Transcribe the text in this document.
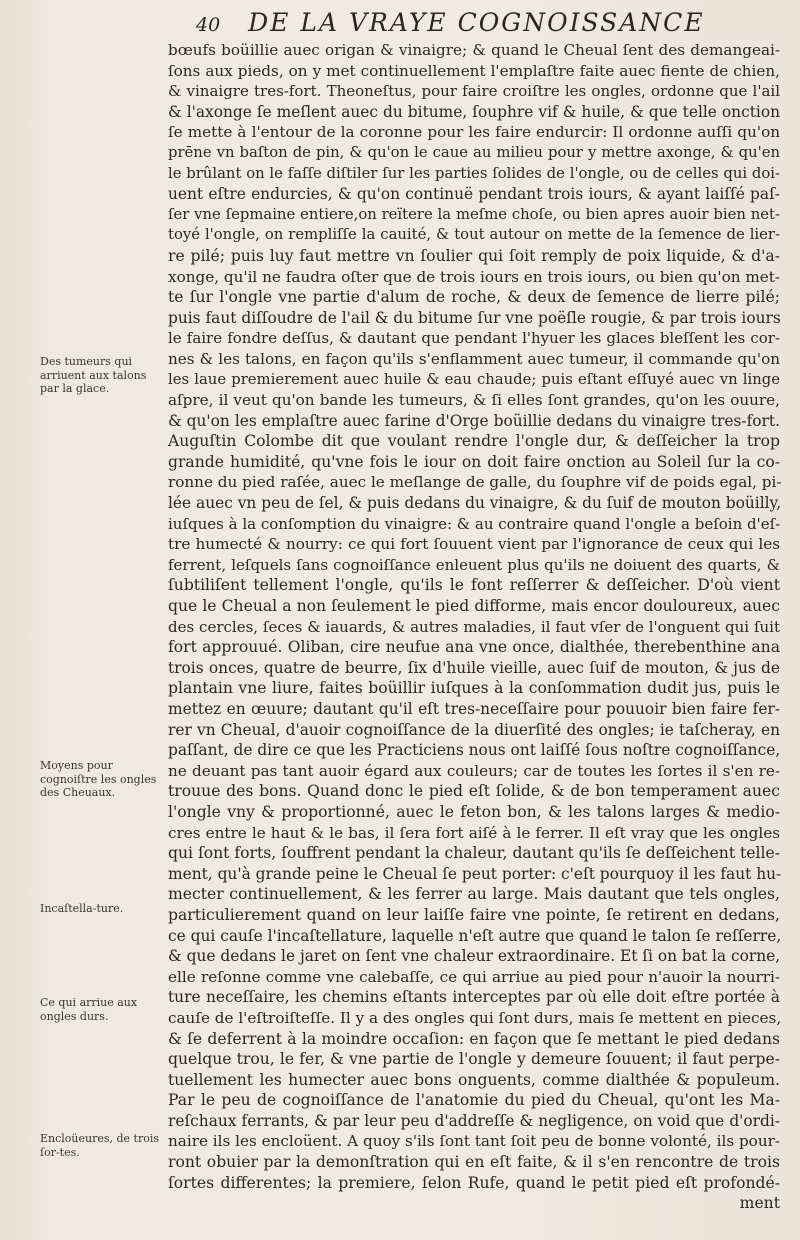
40 DE LA VRAYE COGNOISSANCE
bœufs boüillie auec origan & vinaigre; & quand le Cheual ſent des demangeai-
ſons aux pieds, on y met continuellement l'emplaſtre faite auec fiente de chien,
& vinaigre tres-fort. Theoneſtus, pour faire croiſtre les ongles, ordonne que l'ail
& l'axonge ſe meſlent auec du bitume, ſouphre vif & huile, & que telle onction
ſe mette à l'entour de la coronne pour les faire endurcir: Il ordonne auſſi qu'on
prēne vn baſton de pin, & qu'on le caue au milieu pour y mettre axonge, & qu'en
le brûlant on le faſſe diſtiler ſur les parties ſolides de l'ongle, ou de celles qui doi-
uent eſtre endurcies, & qu'on continuë pendant trois iours, & ayant laiſſé paſ-
ſer vne ſepmaine entiere,on reïtere la meſme choſe, ou bien apres auoir bien net-
toyé l'ongle, on rempliſſe la cauité, & tout autour on mette de la ſemence de lier-
re pilé; puis luy faut mettre vn ſoulier qui ſoit remply de poix liquide, & d'a-
xonge, qu'il ne faudra oſter que de trois iours en trois iours, ou bien qu'on met-
te ſur l'ongle vne partie d'alum de roche, & deux de ſemence de lierre pilé;
puis faut diſſoudre de l'ail & du bitume ſur vne poëſle rougie, & par trois iours
le faire fondre deſſus, & dautant que pendant l'hyuer les glaces bleſſent les cor-
nes & les talons, en façon qu'ils s'enflamment auec tumeur, il commande qu'on
les laue premierement auec huile & eau chaude; puis eſtant eſſuyé auec vn linge
aſpre, il veut qu'on bande les tumeurs, & ſi elles ſont grandes, qu'on les ouure,
& qu'on les emplaſtre auec farine d'Orge boüillie dedans du vinaigre tres-fort.
Auguſtin Colombe dit que voulant rendre l'ongle dur, & deſſeicher la trop
grande humidité, qu'vne fois le iour on doit faire onction au Soleil ſur la co-
ronne du pied raſée, auec le meſlange de galle, du ſouphre vif de poids egal, pi-
lée auec vn peu de ſel, & puis dedans du vinaigre, & du ſuif de mouton boüilly,
iuſques à la conſomption du vinaigre: & au contraire quand l'ongle a beſoin d'eſ-
tre humecté & nourry: ce qui fort ſouuent vient par l'ignorance de ceux qui les
ferrent, leſquels ſans cognoiſſance enleuent plus qu'ils ne doiuent des quarts, &
ſubtiliſent tellement l'ongle, qu'ils le font reſſerrer & deſſeicher. D'où vient
que le Cheual a non ſeulement le pied difforme, mais encor douloureux, auec
des cercles, ſeces & iauards, & autres maladies, il faut vſer de l'onguent qui ſuit
fort approuué. Oliban, cire neufue ana vne once, dialthée, therebenthine ana
trois onces, quatre de beurre, ſix d'huile vieille, auec ſuif de mouton, & jus de
plantain vne liure, faites boüillir iuſques à la conſommation dudit jus, puis le
mettez en œuure; dautant qu'il eſt tres-neceſſaire pour pouuoir bien faire fer-
rer vn Cheual, d'auoir cognoiſſance de la diuerſité des ongles; ie taſcheray, en
paſſant, de dire ce que les Practiciens nous ont laiſſé ſous noſtre cognoiſſance,
ne deuant pas tant auoir égard aux couleurs; car de toutes les ſortes il s'en re-
trouue des bons. Quand donc le pied eſt ſolide, & de bon temperament auec
l'ongle vny & proportionné, auec le feton bon, & les talons larges & medio-
cres entre le haut & le bas, il ſera fort aiſé à le ferrer. Il eſt vray que les ongles
qui ſont forts, ſouffrent pendant la chaleur, dautant qu'ils ſe deſſeichent telle-
ment, qu'à grande peine le Cheual ſe peut porter: c'eſt pourquoy il les faut hu-
mecter continuellement, & les ferrer au large. Mais dautant que tels ongles,
particulierement quand on leur laiſſe faire vne pointe, ſe retirent en dedans,
ce qui cauſe l'incaſtellature, laquelle n'eſt autre que quand le talon ſe reſſerre,
& que dedans le jaret on ſent vne chaleur extraordinaire. Et ſi on bat la corne,
elle reſonne comme vne calebaſſe, ce qui arriue au pied pour n'auoir la nourri-
ture neceſſaire, les chemins eſtants interceptes par où elle doit eſtre portée à
cauſe de l'eſtroiſteſſe. Il y a des ongles qui ſont durs, mais ſe mettent en pieces,
& ſe deferrent à la moindre occaſion: en façon que ſe mettant le pied dedans
quelque trou, le fer, & vne partie de l'ongle y demeure ſouuent; il faut perpe-
tuellement les humecter auec bons onguents, comme dialthée & populeum.
Par le peu de cognoiſſance de l'anatomie du pied du Cheual, qu'ont les Ma-
reſchaux ferrants, & par leur peu d'addreſſe & negligence, on void que d'ordi-
naire ils les encloüent. A quoy s'ils ſont tant ſoit peu de bonne volonté, ils pour-
ront obuier par la demonſtration qui en eſt faite, & il s'en rencontre de trois
ſortes differentes; la premiere, ſelon Rufe, quand le petit pied eſt profondé-
ment
Des tumeurs qui arriuent aux talons par la glace.
Moyens pour cognoiſtre les ongles des Cheuaux.
Incaſtella-ture.
Ce qui arriue aux ongles durs.
Encloüeures, de trois ſor-tes.
